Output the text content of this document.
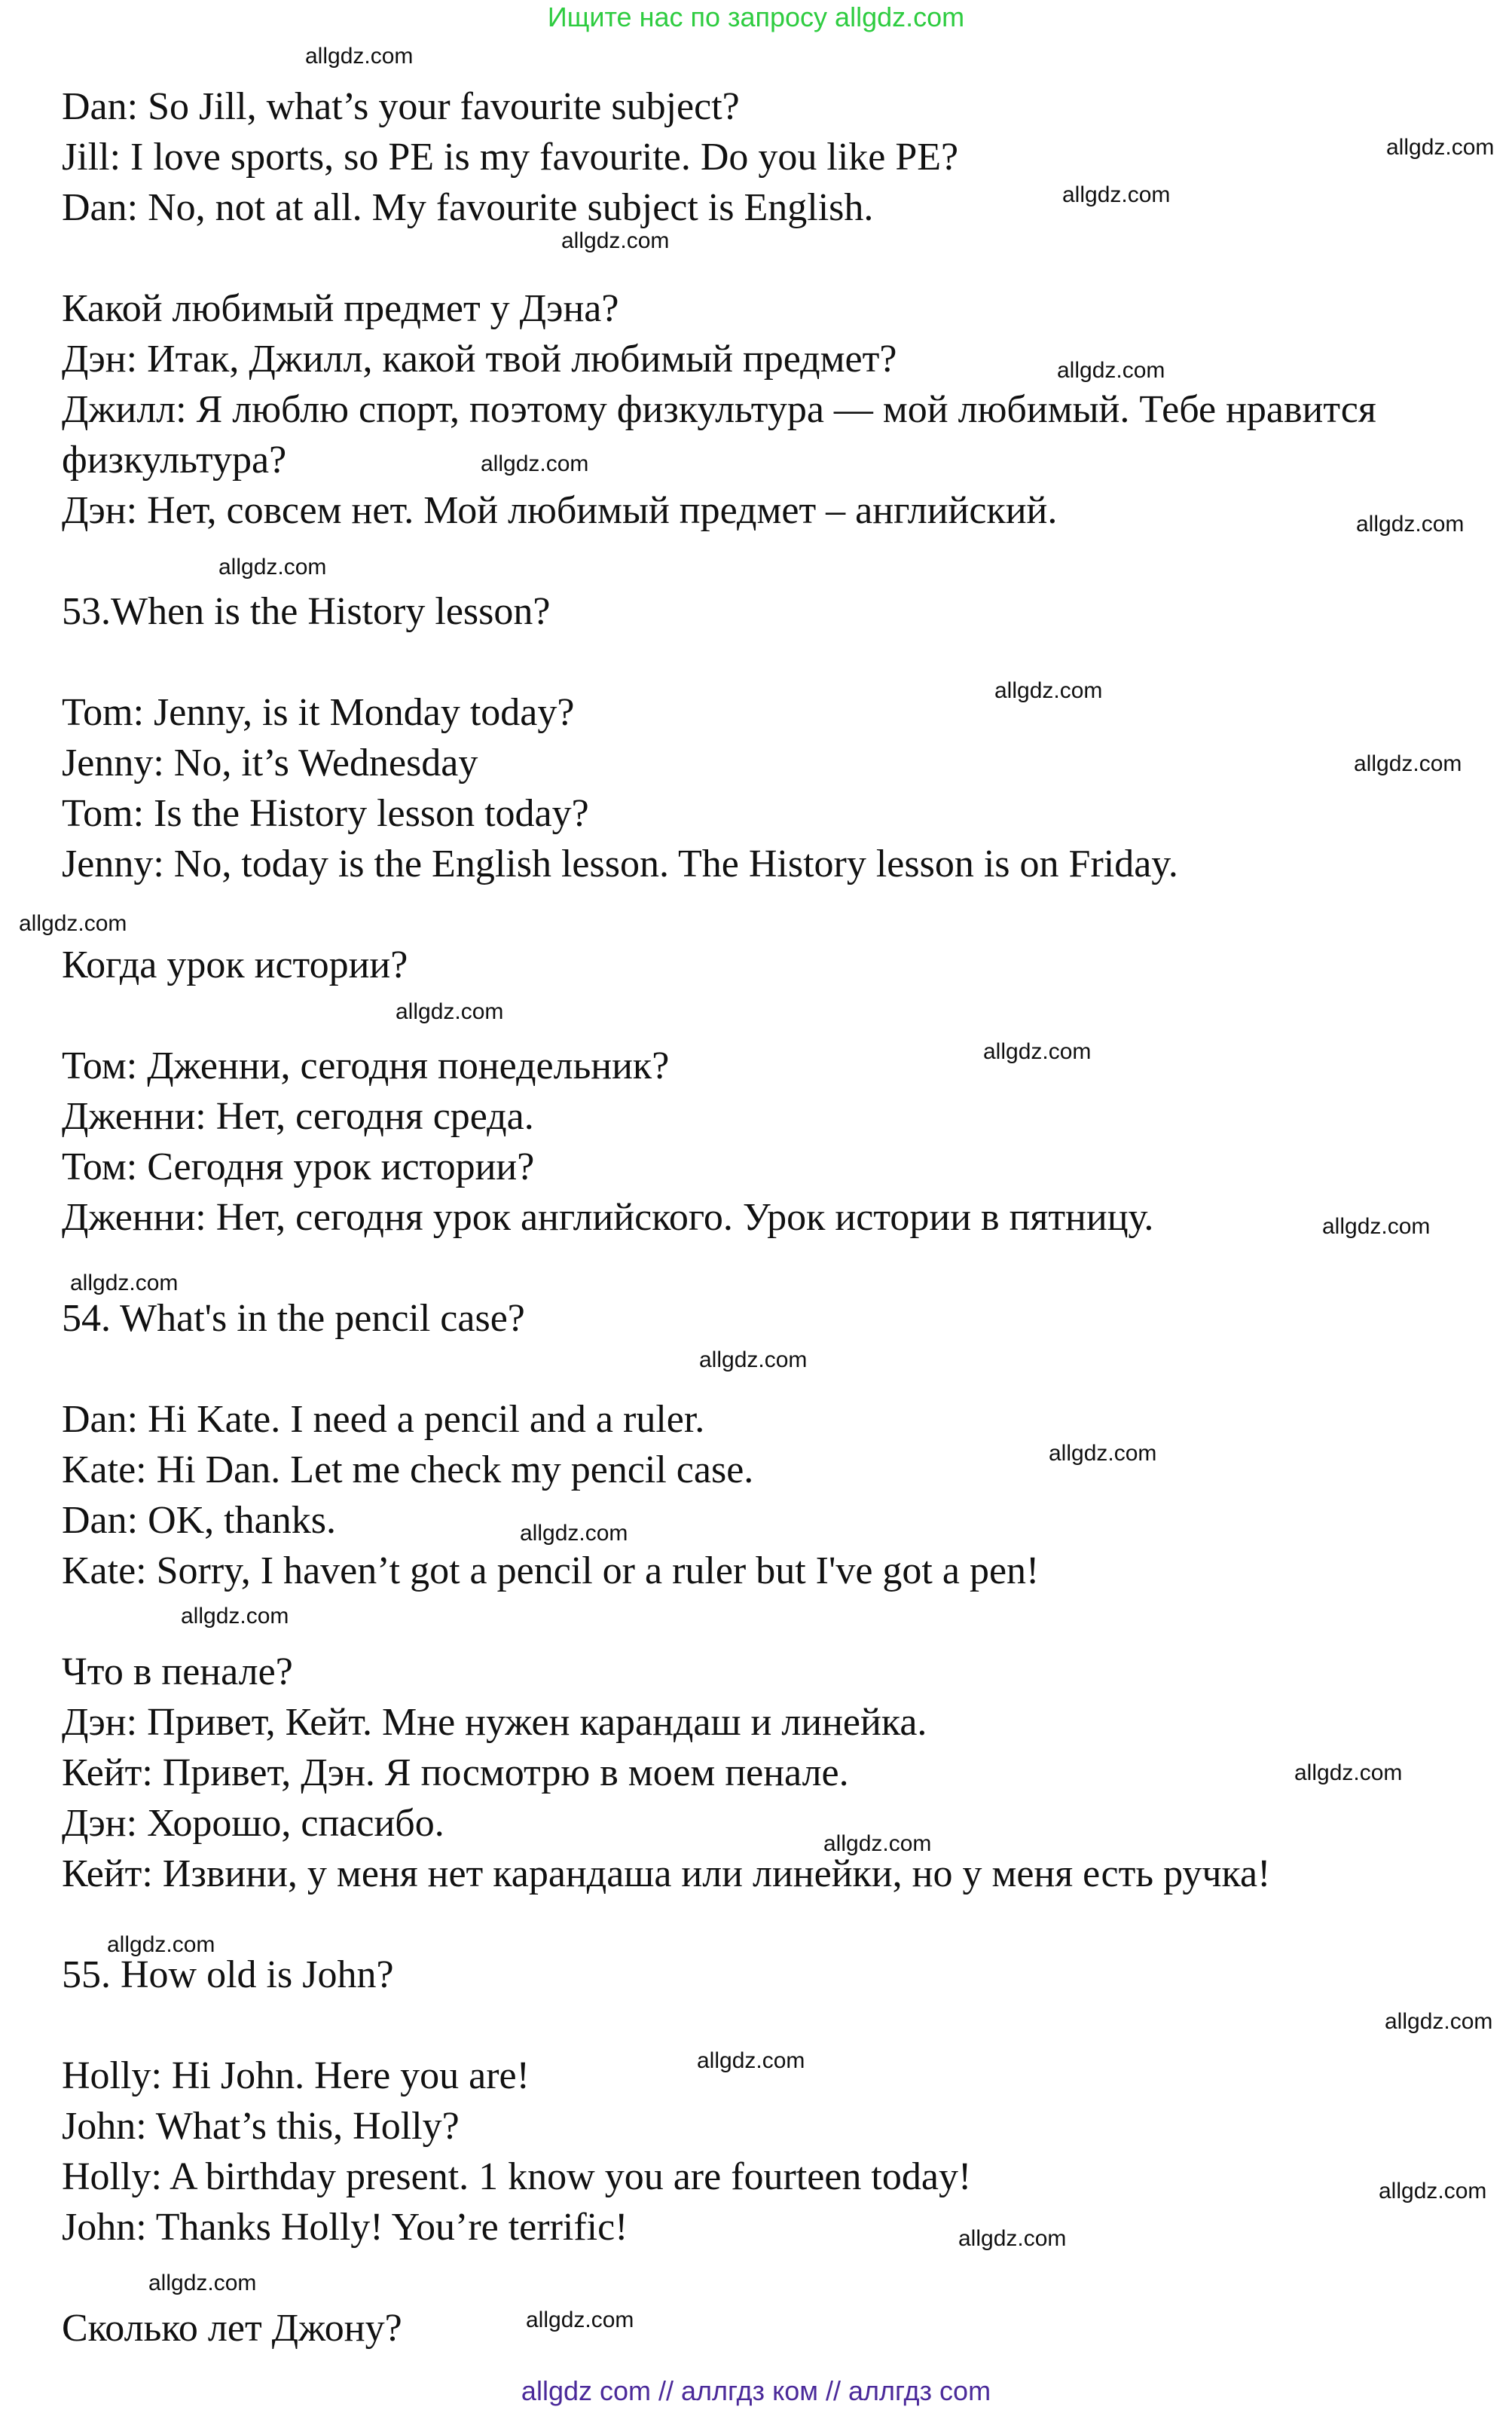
Ищите нас по запросу allgdz.com
Dan: So Jill, what’s your favourite subject?
Jill: I love sports, so PE is my favourite. Do you like PE?
Dan: No, not at all. My favourite subject is English.
Какой любимый предмет у Дэна?
Дэн: Итак, Джилл, какой твой любимый предмет?
Джилл: Я люблю спорт, поэтому физкультура — мой любимый. Тебе нравится
физкультура?
Дэн: Нет, совсем нет. Мой любимый предмет – английский.
53.When is the History lesson?
Tom: Jenny, is it Monday today?
Jenny: No, it’s Wednesday
Tom: Is the History lesson today?
Jenny: No, today is the English lesson. The History lesson is on Friday.
Когда урок истории?
Том: Дженни, сегодня понедельник?
Дженни: Нет, сегодня среда.
Том: Сегодня урок истории?
Дженни: Нет, сегодня урок английского. Урок истории в пятницу.
54. What's in the pencil case?
Dan: Hi Kate. I need a pencil and a ruler.
Kate: Hi Dan. Let me check my pencil case.
Dan: OK, thanks.
Kate: Sorry, I haven’t got a pencil or a ruler but I've got a pen!
Что в пенале?
Дэн: Привет, Кейт. Мне нужен карандаш и линейка.
Кейт: Привет, Дэн. Я посмотрю в моем пенале.
Дэн: Хорошо, спасибо.
Кейт: Извини, у меня нет карандаша или линейки, но у меня есть ручка!
55. How old is John?
Holly: Hi John. Here you are!
John: What’s this, Holly?
Holly: A birthday present. 1 know you are fourteen today!
John: Thanks Holly! You’re terrific!
Сколько лет Джону?
allgdz.com
allgdz.com
allgdz.com
allgdz.com
allgdz.com
allgdz.com
allgdz.com
allgdz.com
allgdz.com
allgdz.com
allgdz.com
allgdz.com
allgdz.com
allgdz.com
allgdz.com
allgdz.com
allgdz.com
allgdz.com
allgdz.com
allgdz.com
allgdz.com
allgdz.com
allgdz.com
allgdz.com
allgdz.com
allgdz.com
allgdz.com
allgdz.com
allgdz com // аллгдз ком // аллгдз com
